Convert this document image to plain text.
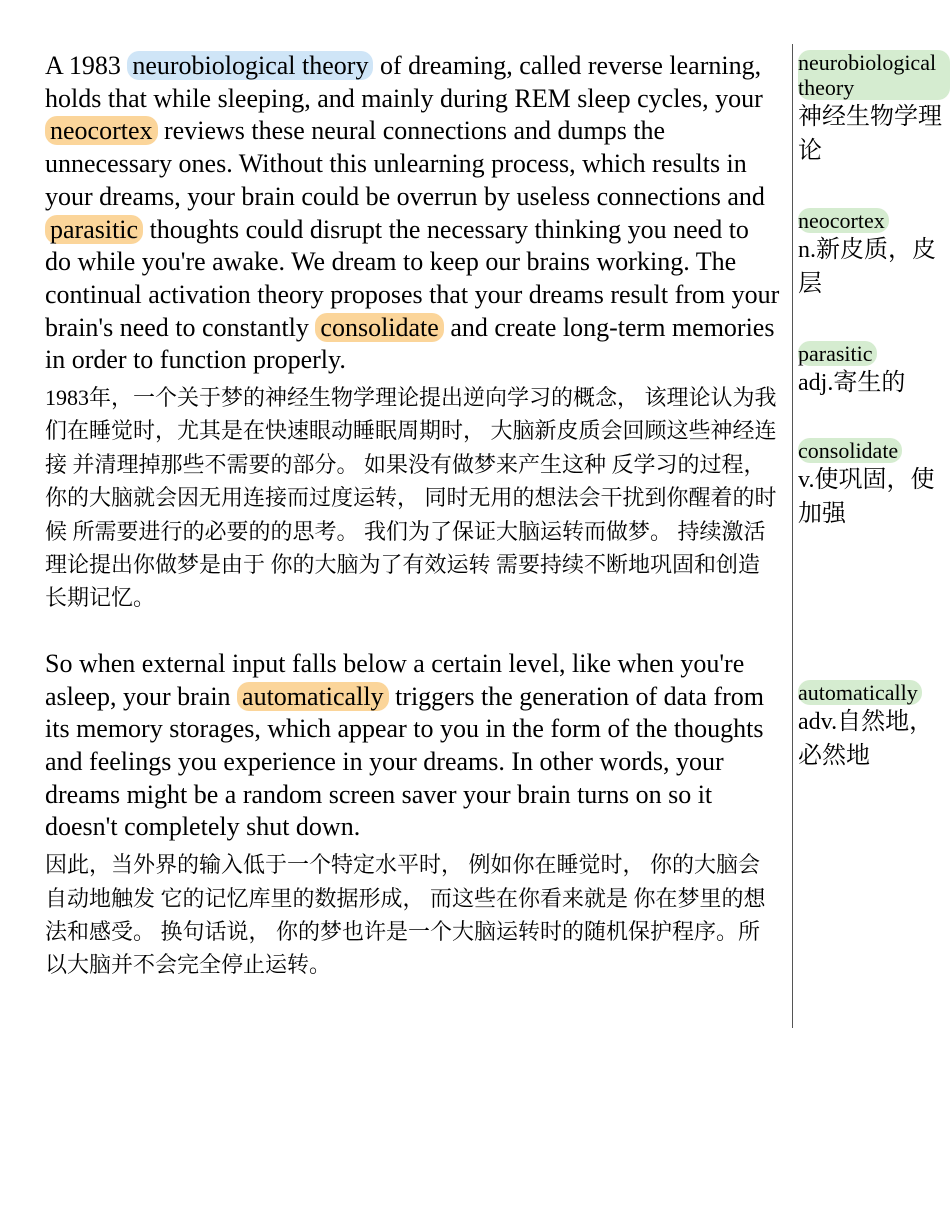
A 1983 neurobiological theory of dreaming, called reverse learning, holds that while sleeping, and mainly during REM sleep cycles, your neocortex reviews these neural connections and dumps the unnecessary ones. Without this unlearning process, which results in your dreams, your brain could be overrun by useless connections and parasitic thoughts could disrupt the necessary thinking you need to do while you're awake. We dream to keep our brains working. The continual activation theory proposes that your dreams result from your brain's need to constantly consolidate and create long-term memories in order to function properly.
1983年，一个关于梦的神经生物学理论提出逆向学习的概念， 该理论认为我们在睡觉时，尤其是在快速眼动睡眠周期时， 大脑新皮质会回顾这些神经连接 并清理掉那些不需要的部分。 如果没有做梦来产生这种 反学习的过程， 你的大脑就会因无用连接而过度运转， 同时无用的想法会干扰到你醒着的时候 所需要进行的必要的的思考。 我们为了保证大脑运转而做梦。 持续激活理论提出你做梦是由于 你的大脑为了有效运转 需要持续不断地巩固和创造长期记忆。
So when external input falls below a certain level, like when you're asleep, your brain automatically triggers the generation of data from its memory storages, which appear to you in the form of the thoughts and feelings you experience in your dreams. In other words, your dreams might be a random screen saver your brain turns on so it doesn't completely shut down.
因此，当外界的输入低于一个特定水平时， 例如你在睡觉时， 你的大脑会自动地触发 它的记忆库里的数据形成， 而这些在你看来就是 你在梦里的想法和感受。 换句话说， 你的梦也许是一个大脑运转时的随机保护程序。所以大脑并不会完全停止运转。
neurobiological theory
神经生物学理论
neocortex
n.新皮质，皮层
parasitic
adj.寄生的
consolidate
v.使巩固，使加强
automatically
adv.自然地，必然地
